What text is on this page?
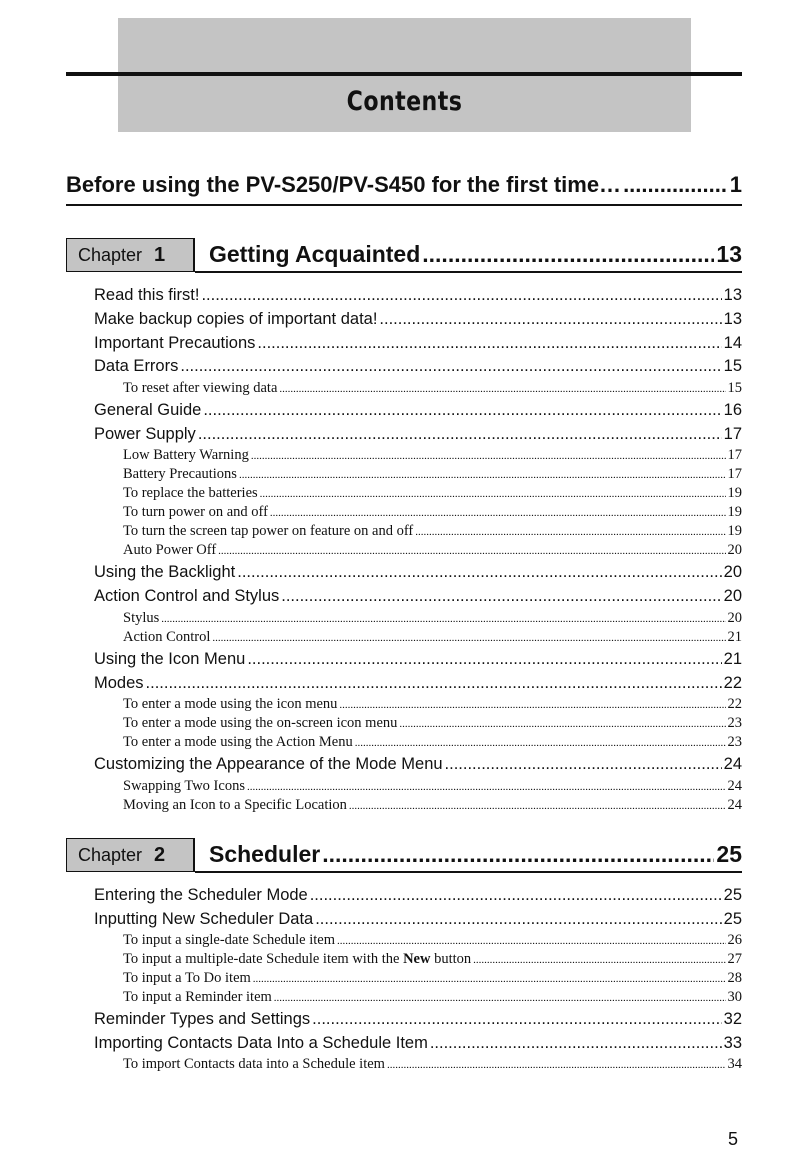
Contents
Before using the PV-S250/PV-S450 for the first time… .....	1
Chapter 1 Getting Acquainted .....	13
Read this first! .....	13
Make backup copies of important data! .....	13
Important Precautions .....	14
Data Errors .....	15
To reset after viewing data .....	15
General Guide .....	16
Power Supply .....	17
Low Battery Warning .....	17
Battery Precautions .....	17
To replace the batteries .....	19
To turn power on and off .....	19
To turn the screen tap power on feature on and off .....	19
Auto Power Off .....	20
Using the Backlight .....	20
Action Control and Stylus .....	20
Stylus .....	20
Action Control .....	21
Using the Icon Menu .....	21
Modes .....	22
To enter a mode using the icon menu .....	22
To enter a mode using the on-screen icon menu .....	23
To enter a mode using the Action Menu .....	23
Customizing the Appearance of the Mode Menu .....	24
Swapping Two Icons .....	24
Moving an Icon to a Specific Location .....	24
Chapter 2 Scheduler .....	25
Entering the Scheduler Mode .....	25
Inputting New Scheduler Data .....	25
To input a single-date Schedule item .....	26
To input a multiple-date Schedule item with the
New
button .....	27
To input a To Do item .....	28
To input a Reminder item .....	30
Reminder Types and Settings .....	32
Importing Contacts Data Into a Schedule Item .....	33
To import Contacts data into a Schedule item .....	34
5
